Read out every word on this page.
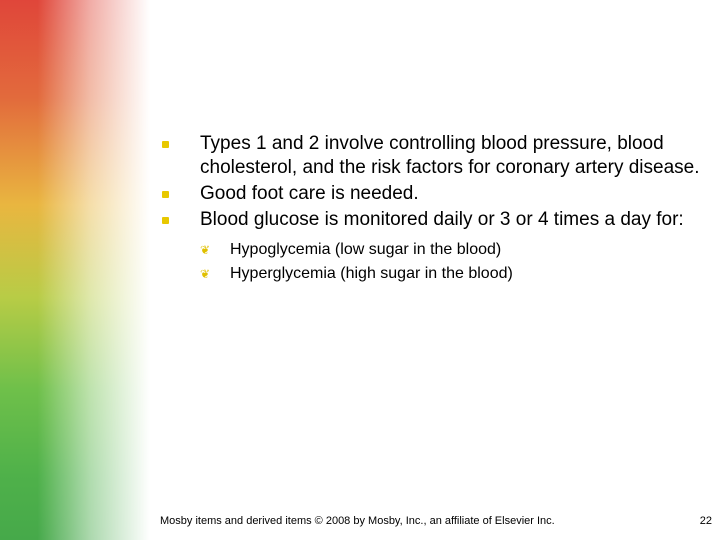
Types 1 and 2 involve controlling blood pressure, blood cholesterol, and the risk factors for coronary artery disease.
Good foot care is needed.
Blood glucose is monitored daily or 3 or 4 times a day for:
❦ Hypoglycemia (low sugar in the blood)
❦ Hyperglycemia (high sugar in the blood)
Mosby items and derived items © 2008 by Mosby, Inc., an affiliate of Elsevier Inc.	22
